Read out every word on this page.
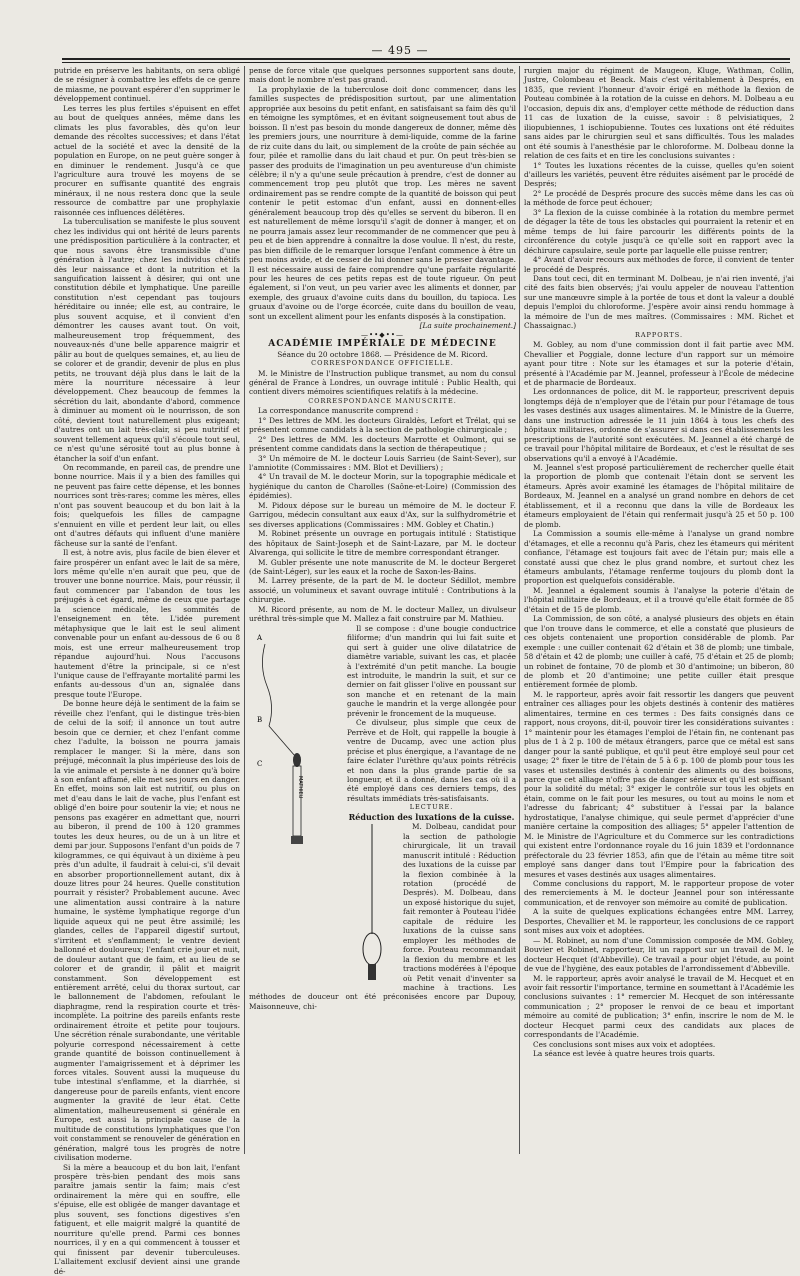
— 495 —

putride en préserve les habitants, on sera obligé de se résigner à combattre les effets de ce genre de miasme, ne pouvant espérer d'en supprimer le développement continuel.

Les terres les plus fertiles s'épuisent en effet au bout de quelques années, même dans les climats les plus favorables, dès qu'on leur demande des récoltes successives; et dans l'état actuel de la société et avec la densité de la population en Europe, on ne peut guère songer à en diminuer le rendement. Jusqu'à ce que l'agriculture aura trouvé les moyens de se procurer en suffisante quantité des engrais minéraux, il ne nous restera donc que la seule ressource de combattre par une prophylaxie raisonnée ces influences délétères.

La tuberculisation se manifeste le plus souvent chez les individus qui ont hérité de leurs parents une prédisposition particulière à la contracter, et que nous savons être transmissible d'une génération à l'autre; chez les individus chétifs dès leur naissance et dont la nutrition et la sanguification laissent à désirer, qui ont une constitution débile et lymphatique. Une pareille constitution n'est cependant pas toujours héréditaire ou innée; elle est, au contraire, le plus souvent acquise, et il convient d'en démontrer les causes avant tout. On voit, malheureusement trop fréquemment, des nouveaux-nés d'une belle apparence maigrir et pâlir au bout de quelques semaines, et, au lieu de se colorer et de grandir, devenir de plus en plus petits, ne trouvant déjà plus dans le lait de la mère la nourriture nécessaire à leur développement. Chez beaucoup de femmes la sécrétion du lait, abondante d'abord, commence à diminuer au moment où le nourrisson, de son côté, devient tout naturellement plus exigeant; d'autres ont un lait très-clair, si peu nutritif et souvent tellement aqueux qu'il s'écoule tout seul, ce n'est qu'une sérosité tout au plus bonne à étancher la soif d'un enfant.

On recommande, en pareil cas, de prendre une bonne nourrice. Mais il y a bien des familles qui ne peuvent pas faire cette dépense, et les bonnes nourrices sont très-rares; comme les mères, elles n'ont pas souvent beaucoup et du bon lait à la fois; quelquefois les filles de campagne s'ennuient en ville et perdent leur lait, ou elles ont d'autres défauts qui influent d'une manière fâcheuse sur la santé de l'enfant.

Il est, à notre avis, plus facile de bien élever et faire prospérer un enfant avec le lait de sa mère, lors même qu'elle n'en aurait que peu, que de trouver une bonne nourrice. Mais, pour réussir, il faut commencer par l'abandon de tous les préjugés à cet égard, même de ceux que partage la science médicale, les sommités de l'enseignement en tête. L'idée purement métaphysique que le lait est le seul aliment convenable pour un enfant au-dessous de 6 ou 8 mois, est une erreur malheureusement trop répandue aujourd'hui. Nous l'accusons hautement d'être la principale, si ce n'est l'unique cause de l'effrayante mortalité parmi les enfants au-dessous d'un an, signalée dans presque toute l'Europe.

De bonne heure déjà le sentiment de la faim se réveille chez l'enfant, qui le distingue très-bien de celui de la soif; il annonce un tout autre besoin que ce dernier, et chez l'enfant comme chez l'adulte, la boisson ne pourra jamais remplacer le manger. Si la mère, dans son préjugé, méconnaît la plus impérieuse des lois de la vie animale et persiste à ne donner qu'à boire à son enfant affamé, elle met ses jours en danger. En effet, moins son lait est nutritif, ou plus on met d'eau dans le lait de vache, plus l'enfant est obligé d'en boire pour soutenir la vie; et nous ne pensons pas exagérer en admettant que, nourri au biberon, il prend de 100 à 120 grammes toutes les deux heures, ou de un à un litre et demi par jour. Supposons l'enfant d'un poids de 7 kilogrammes, ce qui équivaut à un dixième à peu près d'un adulte, il faudrait à celui-ci, s'il devait en absorber proportionnellement autant, dix à douze litres pour 24 heures. Quelle constitution pourrait y résister? Probablement aucune. Avec une alimentation aussi contraire à la nature humaine, le système lymphatique regorge d'un liquide aqueux qui ne peut être assimilé; les glandes, celles de l'appareil digestif surtout, s'irritent et s'enflamment; le ventre devient ballonné et douloureux; l'enfant crie jour et nuit, de douleur autant que de faim, et au lieu de se colorer et de grandir, il pâlit et maigrit constamment. Son développement est entièrement arrêté, celui du thorax surtout, car le ballonnement de l'abdomen, refoulant le diaphragme, rend la respiration courte et très-incomplète. La poitrine des pareils enfants reste ordinairement étroite et petite pour toujours. Une sécrétion rénale surabondante, une véritable polyurie correspond nécessairement à cette grande quantité de boisson continuellement à augmenter l'amaigrissement et à déprimer les forces vitales. Souvent aussi la muqueuse du tube intestinal s'enflamme, et la diarrhée, si dangereuse pour de pareils enfants, vient encore augmenter la gravité de leur état. Cette alimentation, malheureusement si générale en Europe, est aussi la principale cause de la multitude de constitutions lymphatiques que l'on voit constamment se renouveler de génération en génération, malgré tous les progrès de notre civilisation moderne.

Si la mère a beaucoup et du bon lait, l'enfant prospère très-bien pendant des mois sans paraître jamais sentir la faim; mais c'est ordinairement la mère qui en souffre, elle s'épuise, elle est obligée de manger davantage et plus souvent, ses fonctions digestives s'en fatiguent, et elle maigrit malgré la quantité de nourriture qu'elle prend. Parmi ces bonnes nourrices, il y en a qui commencent à tousser et qui finissent par devenir tuberculeuses. L'allaitement exclusif devient ainsi une grande dé-

pense de force vitale que quelques personnes supportent sans doute, mais dont le nombre n'est pas grand.

La prophylaxie de la tuberculose doit donc commencer, dans les familles suspectes de prédisposition surtout, par une alimentation appropriée aux besoins du petit enfant, en satisfaisant sa faim dès qu'il en témoigne les symptômes, et en évitant soigneusement tout abus de boisson. Il n'est pas besoin du monde dangereux de donner, même dès les premiers jours, une nourriture à demi-liquide, comme de la farine de riz cuite dans du lait, ou simplement de la croûte de pain séchée au four, pilée et ramollie dans du lait chaud et pur. On peut très-bien se passer des produits de l'imagination un peu aventureuse d'un chimiste célèbre; il n'y a qu'une seule précaution à prendre, c'est de donner au commencement trop peu plutôt que trop. Les mères ne savent ordinairement pas se rendre compte de la quantité de boisson qui peut contenir le petit estomac d'un enfant, aussi en donnent-elles généralement beaucoup trop dès qu'elles se servent du biberon. Il en est naturellement de même lorsqu'il s'agit de donner à manger, et on ne pourra jamais assez leur recommander de ne commencer que peu à peu et de bien apprendre à connaître la dose voulue. Il n'est, du reste, pas bien difficile de le remarquer lorsque l'enfant commence à être un peu moins avide, et de cesser de lui donner sans le presser davantage. Il est nécessaire aussi de faire comprendre qu'une parfaite régularité pour les heures de ces petits repas est de toute rigueur. On peut également, si l'on veut, un peu varier avec les aliments et donner, par exemple, des gruaux d'avoine cuits dans du bouillon, du tapioca. Les gruaux d'avoine ou de l'orge écorcée, cuite dans du bouillon de veau, sont un excellent aliment pour les enfants disposés à la constipation.

[La suite prochainement.]

—••◆••—

ACADÉMIE IMPÉRIALE DE MÉDECINE

Séance du 20 octobre 1868. — Présidence de M. Ricord.

CORRESPONDANCE OFFICIELLE.

M. le Ministre de l'Instruction publique transmet, au nom du consul général de France à Londres, un ouvrage intitulé : Public Health, qui contient divers mémoires scientifiques relatifs à la médecine.

CORRESPONDANCE MANUSCRITE.

La correspondance manuscrite comprend :

1° Des lettres de MM. les docteurs Giraldès, Lefort et Trélat, qui se présentent comme candidats à la section de pathologie chirurgicale ;

2° Des lettres de MM. les docteurs Marrotte et Oulmont, qui se présentent comme candidats dans la section de thérapeutique ;

3° Un mémoire de M. le docteur Louis Sarrieu (de Saint-Sever), sur l'amniotite (Commissaires : MM. Blot et Devilliers) ;

4° Un travail de M. le docteur Morin, sur la topographie médicale et hygiénique du canton de Charolles (Saône-et-Loire) (Commission des épidémies).

M. Pidoux dépose sur le bureau un mémoire de M. le docteur F. Garrigou, médecin consultant aux eaux d'Ax, sur la sulfhydrométrie et ses diverses applications (Commissaires : MM. Gobley et Chatin.)

M. Robinet présente un ouvrage en portugais intitulé : Statistique des hôpitaux de Saint-Joseph et de Saint-Lazare, par M. le docteur Alvarenga, qui sollicite le titre de membre correspondant étranger.

M. Gubler présente une note manuscrite de M. le docteur Bergeret (de Saint-Léger), sur les eaux et la roche de Saxon-les-Bains.

M. Larrey présente, de la part de M. le docteur Sédillot, membre associé, un volumineux et savant ouvrage intitulé : Contributions à la chirurgie.

M. Ricord présente, au nom de M. le docteur Mallez, un divulseur uréthral très-simple que M. Mallez a fait construire par M. Mathieu.

A
B
C
MATHIEU

Il se compose : d'une bougie conductrice filiforme; d'un mandrin qui lui fait suite et qui sert à guider une olive dilatatrice de diamètre variable, suivant les cas, et placée à l'extrémité d'un petit manche. La bougie est introduite, le mandrin la suit, et sur ce dernier on fait glisser l'olive en poussant sur son manche et en retenant de la main gauche le mandrin et la verge allongée pour prévenir le froncement de la muqueuse.

Ce divulseur, plus simple que ceux de Perrève et de Holt, qui rappelle la bougie à ventre de Ducamp, avec une action plus précise et plus énergique, a l'avantage de ne faire éclater l'urèthre qu'aux points rétrécis et non dans la plus grande partie de sa longueur, et il a donné, dans les cas où il a été employé dans ces derniers temps, des résultats immédiats très-satisfaisants.

LECTURE.

Réduction des luxations de la cuisse.

M. Dolbeau, candidat pour la section de pathologie chirurgicale, lit un travail manuscrit intitulé : Réduction des luxations de la cuisse par la flexion combinée à la rotation (procédé de Després). M. Dolbeau, dans un exposé historique du sujet, fait remonter à Pouteau l'idée capitale de réduire les luxations de la cuisse sans employer les méthodes de force. Pouteau recommandait la flexion du membre et les tractions modérées à l'époque où Petit venait d'inventer sa machine à tractions. Les méthodes de douceur ont été préconisées encore par Dupouy, Maisonneuve, chi-

rurgien major du régiment de Maugeon, Kluge, Wathman, Collin, Justre, Colombeau et Beack. Mais c'est véritablement à Després, en 1835, que revient l'honneur d'avoir érigé en méthode la flexion de Pouteau combinée à la rotation de la cuisse en dehors. M. Dolbeau a eu l'occasion, depuis dix ans, d'employer cette méthode de réduction dans 11 cas de luxation de la cuisse, savoir : 8 pelvisiatiques, 2 iliopubiennes, 1 ischiopubienne. Toutes ces luxations ont été réduites sans aides par le chirurgien seul et sans difficultés. Tous les malades ont été soumis à l'anesthésie par le chloroforme. M. Dolbeau donne la relation de ces faits et en tire les conclusions suivantes :

1° Toutes les luxations récentes de la cuisse, quelles qu'en soient d'ailleurs les variétés, peuvent être réduites aisément par le procédé de Després;

2° Le procédé de Després procure des succès même dans les cas où la méthode de force peut échouer;

3° La flexion de la cuisse combinée à la rotation du membre permet de dégager la tête de tous les obstacles qui pourraient la retenir et en même temps de lui faire parcourir les différents points de la circonférence du cotyle jusqu'à ce qu'elle soit en rapport avec la déchirure capsulaire, seule porte par laquelle elle puisse rentrer;

4° Avant d'avoir recours aux méthodes de force, il convient de tenter le procédé de Després.

Dans tout ceci, dit en terminant M. Dolbeau, je n'ai rien inventé, j'ai cité des faits bien observés; j'ai voulu appeler de nouveau l'attention sur une manœuvre simple à la portée de tous et dont la valeur a doublé depuis l'emploi du chloroforme. J'espère avoir ainsi rendu hommage à la mémoire de l'un de mes maîtres. (Commissaires : MM. Richet et Chassaignac.)

RAPPORTS.

M. Gobley, au nom d'une commission dont il fait partie avec MM. Chevallier et Poggiale, donne lecture d'un rapport sur un mémoire ayant pour titre : Note sur les étamages et sur la poterie d'étain, présenté à l'Académie par M. Jeannel, professeur à l'École de médecine et de pharmacie de Bordeaux.

Les ordonnances de police, dit M. le rapporteur, prescrivent depuis longtemps déjà de n'employer que de l'étain pur pour l'étamage de tous les vases destinés aux usages alimentaires. M. le Ministre de la Guerre, dans une instruction adressée le 11 juin 1864 à tous les chefs des hôpitaux militaires, ordonne de s'assurer si dans ces établissements les prescriptions de l'autorité sont exécutées. M. Jeannel a été chargé de ce travail pour l'hôpital militaire de Bordeaux, et c'est le résultat de ses observations qu'il a envoyé à l'Académie.

M. Jeannel s'est proposé particulièrement de rechercher quelle était la proportion de plomb que contenait l'étain dont se servent les étameurs. Après avoir examiné les étamages de l'hôpital militaire de Bordeaux, M. Jeannel en a analysé un grand nombre en dehors de cet établissement, et il a reconnu que dans la ville de Bordeaux les étameurs employaient de l'étain qui renfermait jusqu'à 25 et 50 p. 100 de plomb.

La Commission a soumis elle-même à l'analyse un grand nombre d'étamages, et elle a reconnu qu'à Paris, chez les étameurs qui méritent confiance, l'étamage est toujours fait avec de l'étain pur; mais elle a constaté aussi que chez le plus grand nombre, et surtout chez les étameurs ambulants, l'étamage renferme toujours du plomb dont la proportion est quelquefois considérable.

M. Jeannel a également soumis à l'analyse la poterie d'étain de l'hôpital militaire de Bordeaux, et il a trouvé qu'elle était formée de 85 d'étain et de 15 de plomb.

La Commission, de son côté, a analysé plusieurs des objets en étain que l'on trouve dans le commerce, et elle a constaté que plusieurs de ces objets contenaient une proportion considérable de plomb. Par exemple : une cuiller contenait 62 d'étain et 38 de plomb; une timbale, 58 d'étain et 42 de plomb; une cuiller à café, 75 d'étain et 25 de plomb; un robinet de fontaine, 70 de plomb et 30 d'antimoine; un biberon, 80 de plomb et 20 d'antimoine; une petite cuiller était presque entièrement formée de plomb.

M. le rapporteur, après avoir fait ressortir les dangers que peuvent entraîner ces alliages pour les objets destinés à contenir des matières alimentaires, termine en ces termes : Des faits consignés dans ce rapport, nous croyons, dit-il, pouvoir tirer les considérations suivantes : 1° maintenir pour les étamages l'emploi de l'étain fin, ne contenant pas plus de 1 à 2 p. 100 de métaux étrangers, parce que ce métal est sans danger pour la santé publique, et qu'il peut être employé seul pour cet usage; 2° fixer le titre de l'étain de 5 à 6 p. 100 de plomb pour tous les vases et ustensiles destinés à contenir des aliments ou des boissons, parce que cet alliage n'offre pas de danger sérieux et qu'il est suffisant pour la solidité du métal; 3° exiger le contrôle sur tous les objets en étain, comme on le fait pour les mesures, ou tout au moins le nom et l'adresse du fabricant; 4° substituer à l'essai par la balance hydrostatique, l'analyse chimique, qui seule permet d'apprécier d'une manière certaine la composition des alliages; 5° appeler l'attention de M. le Ministre de l'Agriculture et du Commerce sur les contradictions qui existent entre l'ordonnance royale du 16 juin 1839 et l'ordonnance préfectorale du 23 février 1853, afin que de l'étain au même titre soit employé sans danger dans tout l'Empire pour la fabrication des mesures et vases destinés aux usages alimentaires.

Comme conclusions du rapport, M. le rapporteur propose de voter des remerciements à M. le docteur Jeannel pour son intéressante communication, et de renvoyer son mémoire au comité de publication.

A la suite de quelques explications échangées entre MM. Larrey, Desportes, Chevallier et M. le rapporteur, les conclusions de ce rapport sont mises aux voix et adoptées.

— M. Robinet, au nom d'une Commission composée de MM. Gobley, Bouvier et Robinet, rapporteur, lit un rapport sur un travail de M. le docteur Hecquet (d'Abbeville). Ce travail a pour objet l'étude, au point de vue de l'hygiène, des eaux potables de l'arrondissement d'Abbeville.

M. le rapporteur, après avoir analysé le travail de M. Hecquet et en avoir fait ressortir l'importance, termine en soumettant à l'Académie les conclusions suivantes : 1° remercier M. Hecquet de son intéressante communication ; 2° proposer le renvoi de ce beau et important mémoire au comité de publication; 3° enfin, inscrire le nom de M. le docteur Hecquet parmi ceux des candidats aux places de correspondants de l'Académie.

Ces conclusions sont mises aux voix et adoptées.

La séance est levée à quatre heures trois quarts.
